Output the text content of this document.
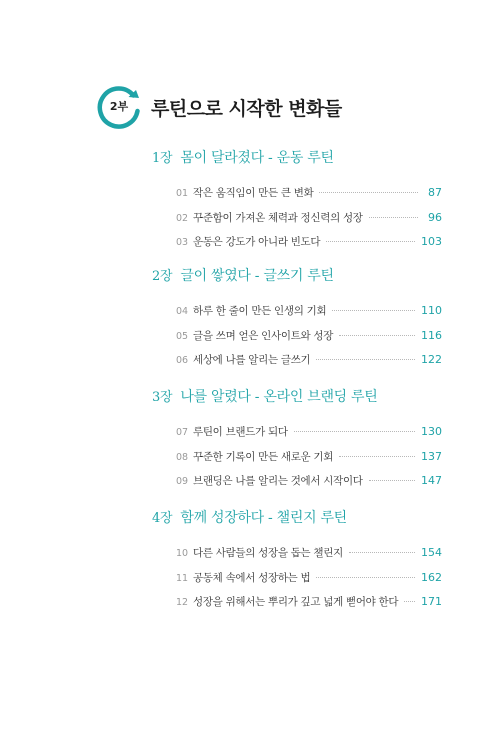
2부	루틴으로 시작한 변화들
1장 몸이 달라졌다 - 운동 루틴
01 작은 움직임이 만든 큰 변화	87
02 꾸준함이 가져온 체력과 정신력의 성장	96
03 운동은 강도가 아니라 빈도다	103
2장 글이 쌓였다 - 글쓰기 루틴
04 하루 한 줄이 만든 인생의 기회	110
05 글을 쓰며 얻은 인사이트와 성장	116
06 세상에 나를 알리는 글쓰기	122
3장 나를 알렸다 - 온라인 브랜딩 루틴
07 루틴이 브랜드가 되다	130
08 꾸준한 기록이 만든 새로운 기회	137
09 브랜딩은 나를 알리는 것에서 시작이다	147
4장 함께 성장하다 - 챌린지 루틴
10 다른 사람들의 성장을 돕는 챌린지	154
11 공동체 속에서 성장하는 법	162
12 성장을 위해서는 뿌리가 깊고 넓게 뻗어야 한다 171
